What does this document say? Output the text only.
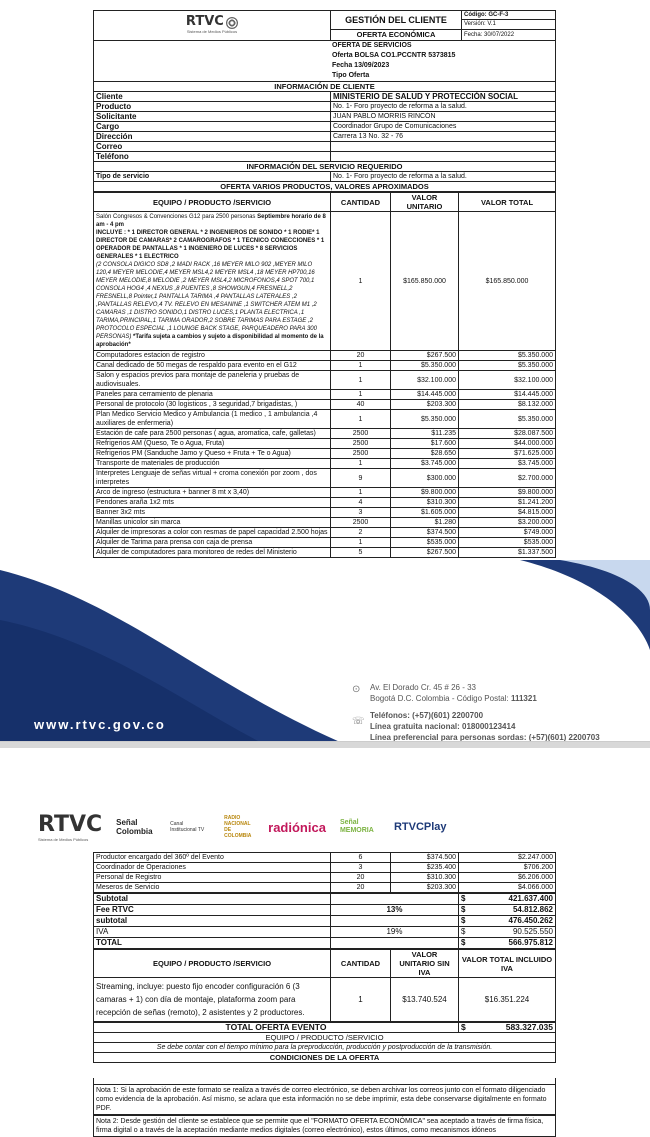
RTVC
Sistema de Medios Públicos	GESTIÓN DEL CLIENTE	Código: GC-F-3
		Versión: V.1
	OFERTA ECONÓMICA	Fecha: 30/07/2022
OFERTA DE SERVICIOS
Oferta BOLSA CO1.PCCNTR 5373815
Fecha 13/09/2023
Tipo Oferta
INFORMACIÓN DE CLIENTE	
Cliente	MINISTERIO DE SALUD Y PROTECCIÓN SOCIAL
Producto	No. 1- Foro proyecto de reforma a la salud.
Solicitante	JUAN PABLO MORRIS RINCÓN
Cargo	Coordinador Grupo de Comunicaciones
Dirección	Carrera 13 No. 32 - 76
Correo	
Teléfono	
INFORMACIÓN DEL SERVICIO REQUERIDO	
Tipo de servicio	No. 1- Foro proyecto de reforma a la salud.
OFERTA VARIOS PRODUCTOS, VALORES APROXIMADOS	
EQUIPO / PRODUCTO /SERVICIO	CANTIDAD	VALOR UNITARIO	VALOR TOTAL
Salón Congresos & Convenciones G12 para 2500 personas Septiembre horario de 8 am - 4 pm
INCLUYE : * 1 DIRECTOR GENERAL * 2 INGENIEROS DE SONIDO * 1 RODIE* 1 DIRECTOR DE CAMARAS* 2 CAMAROGRAFOS * 1 TECNICO CONECCIONES * 1 OPERADOR DE PANTALLAS * 1 INGENIERO DE LUCES * 8 SERVICIOS GENERALES * 1 ELECTRICO
(2 CONSOLA DIGICO SD8 ,2 MADI RACK ,16 MEYER MILO 902 ,MEYER MILO 120,4 MEYER MELODIE,4 MEYER MSL4,2 MEYER MSL4 ,18 MEYER HP700,16 MEYER MELODIE,8 MELODIE ,2 MEYER MSL4,2 MICROFONOS,4 SPOT 700,1 CONSOLA HOG4 ,4 NEXUS ,8 PUENTES ,8 SHOWGUN,4 FRESNELL,2 FRESNELL,8 Pointer,1 PANTALLA TARIMA ,4 PANTALLAS LATERALES ,2 ,PANTALLAS RELEVO,4 TV. RELEVO EN MESANINE ,1 SWITCHER ATEM M1 ,2 CAMARAS ,1 DISTRO SONIDO,1 DISTRO LUCES,1 PLANTA ELECTRICA ,1 TARIMA,PRINCIPAL,1 TARIMA ORADOR,2 SOBRE TARIMAS PARA ESTAGE ,2 PROTOCOLO ESPECIAL ,1 LOUNGE BACK STAGE, PARQUEADERO PARA 300 PERSONAS) *Tarifa sujeta a cambios y sujeto a disponibilidad al momento de la aprobación*	1	$165.850.000	$165.850.000
Computadores estacion de registro	20	$267.500	$5.350.000
Canal dedicado de 50 megas de respaldo para evento en el G12	1	$5.350.000	$5.350.000
Salon y espacios previos para montaje de paneleria y pruebas de audiovisuales.	1	$32.100.000	$32.100.000
Paneles para cerramiento de plenaria	1	$14.445.000	$14.445.000
Personal de protocolo (30 logisticos , 3 seguridad,7 brigadistas, )	40	$203.300	$8.132.000
Plan Medico Servicio Medico y Ambulancia (1 medico , 1 ambulancia ,4 auxiliares de enfermeria)	1	$5.350.000	$5.350.000
Estación de cafe para 2500 personas ( agua, aromatica, cafe, galletas)	2500	$11.235	$28.087.500
Refrigerios AM (Queso, Te o Agua, Fruta)	2500	$17.600	$44.000.000
Refrigerios PM (Sanduche Jamo y Queso + Fruta + Te o Agua)	2500	$28.650	$71.625.000
Transporte de materiales de producción	1	$3.745.000	$3.745.000
Interpretes Lenguaje de señas virtual + croma conexión por zoom , dos interpretes	9	$300.000	$2.700.000
Arco de ingreso (estructura + banner 8 mt x 3,40)	1	$9.800.000	$9.800.000
Pendones araña 1x2 mts	4	$310.300	$1.241.200
Banner 3x2 mts	3	$1.605.000	$4.815.000
Manillas unicolor sin marca	2500	$1.280	$3.200.000
Alquiler de impresoras a color con resmas de papel capacidad 2.500 hojas	2	$374.500	$749.000
Alquiler de Tarima para prensa con caja de prensa	1	$535.000	$535.000
Alquiler de computadores para monitoreo de redes del Ministerio	5	$267.500	$1.337.500
www.rtvc.gov.co
Av. El Dorado Cr. 45 # 26 - 33
Bogotá D.C. Colombia - Código Postal: 111321
Teléfonos: (+57)(601) 2200700
Línea gratuita nacional: 018000123414
Línea preferencial para personas sordas: (+57)(601) 2200703
⊙
☏
RTVC
Sistema de Medios Públicos
Señal Colombia
Canal Institucional TV
RADIO NACIONAL DE COLOMBIA
radiónica Señal MEMORIA	RTVCPlay
Productor encargado del 360º del Evento	6	$374.500	$2.247.000
Coordinador de Operaciones	3	$235.400	$706.200
Personal de Registro	20	$310.300	$6.206.000
Meseros de Servicio	20	$203.300	$4.066.000
Subtotal		$	421.637.400
Fee RTVC	13%	$	54.812.862
subtotal		$	476.450.262
IVA	19%	$	90.525.550
TOTAL		$	566.975.812
EQUIPO / PRODUCTO /SERVICIO	CANTIDAD	VALOR UNITARIO SIN IVA	VALOR TOTAL INCLUIDO IVA
Streaming, incluye: puesto fijo encoder configuración 6 (3 camaras + 1) con día de montaje, plataforma zoom para recepción de señas (remoto), 2 asistentes y 2 productores.	1	$13.740.524	$16.351.224
TOTAL OFERTA EVENTO	$	583.327.035
EQUIPO / PRODUCTO /SERVICIO
Se debe contar con el tiempo mínimo para la preproducción, producción y postproducción de la transmisión.
CONDICIONES DE LA OFERTA
Nota 1: Si la aprobación de este formato se realiza a través de correo electrónico, se deben archivar los correos junto con el formato diligenciado como evidencia de la aprobación. Así mismo, se aclara que esta información no se debe imprimir, esta debe conservarse digitalmente en formato PDF.
Nota 2: Desde gestión del cliente se establece que se permite que el "FORMATO OFERTA ECONÓMICA" sea aceptado a través de firma física, firma digital o a través de la aceptación mediante medios digitales (correo electrónico), estos últimos, como mecanismos idóneos
